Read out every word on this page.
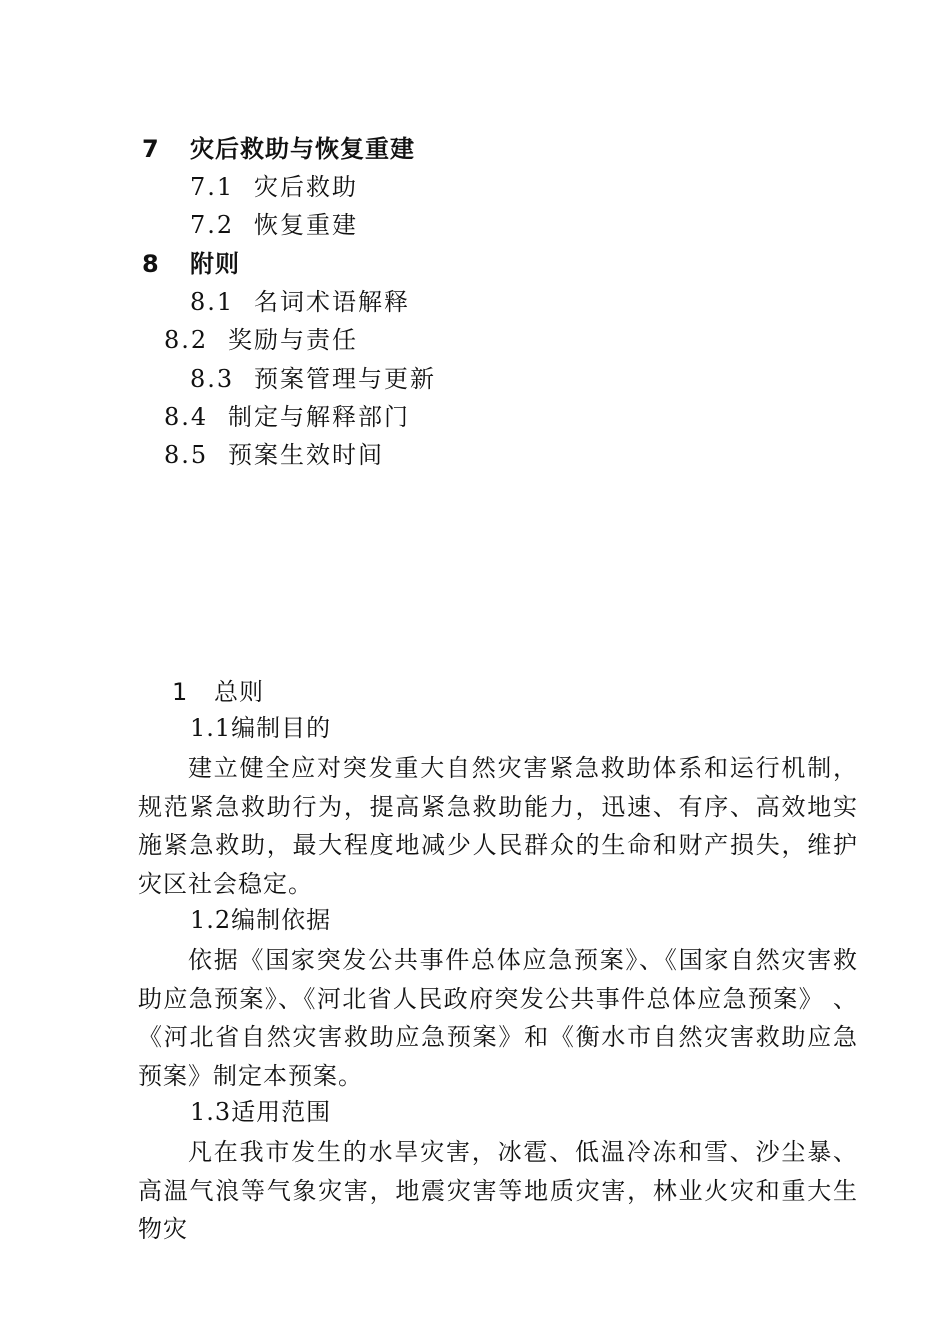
7 灾后救助与恢复重建
7.1 灾后救助
7.2 恢复重建
8 附则
8.1 名词术语解释
8.2 奖励与责任
8.3 预案管理与更新
8.4 制定与解释部门
8.5 预案生效时间
1 总则
1.1编制目的
建立健全应对突发重大自然灾害紧急救助体系和运行机制，规范紧急救助行为，提高紧急救助能力，迅速、有序、高效地实施紧急救助，最大程度地减少人民群众的生命和财产损失，维护灾区社会稳定。
1.2编制依据
依据《国家突发公共事件总体应急预案》、《国家自然灾害救助应急预案》、《河北省人民政府突发公共事件总体应急预案》 、《河北省自然灾害救助应急预案》和《衡水市自然灾害救助应急预案》制定本预案。
1.3适用范围
凡在我市发生的水旱灾害，冰雹、低温冷冻和雪、沙尘暴、高温气浪等气象灾害，地震灾害等地质灾害，林业火灾和重大生物灾
